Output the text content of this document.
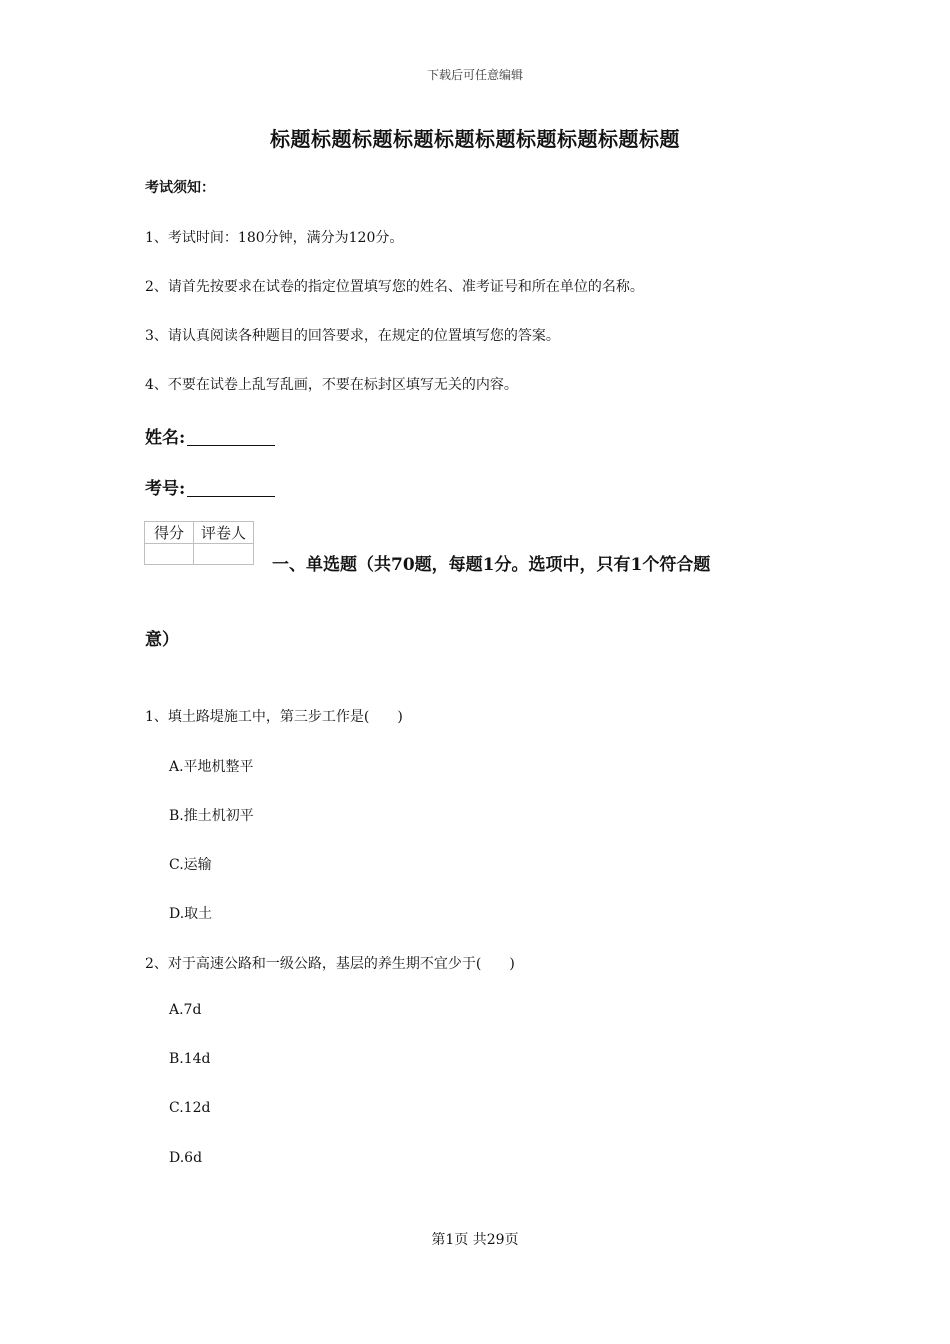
下载后可任意编辑
标题标题标题标题标题标题标题标题标题标题
考试须知：
1、考试时间：180分钟，满分为120分。
2、请首先按要求在试卷的指定位置填写您的姓名、准考证号和所在单位的名称。
3、请认真阅读各种题目的回答要求，在规定的位置填写您的答案。
4、不要在试卷上乱写乱画，不要在标封区填写无关的内容。
姓名:
考号:
得分	评卷人

一、单选题（共70题，每题1分。选项中，只有1个符合题
意）
1、填土路堤施工中，第三步工作是(　　)
A.平地机整平
B.推土机初平
C.运输
D.取土
2、对于高速公路和一级公路，基层的养生期不宜少于(　　)
A.7d
B.14d
C.12d
D.6d
第1页 共29页
